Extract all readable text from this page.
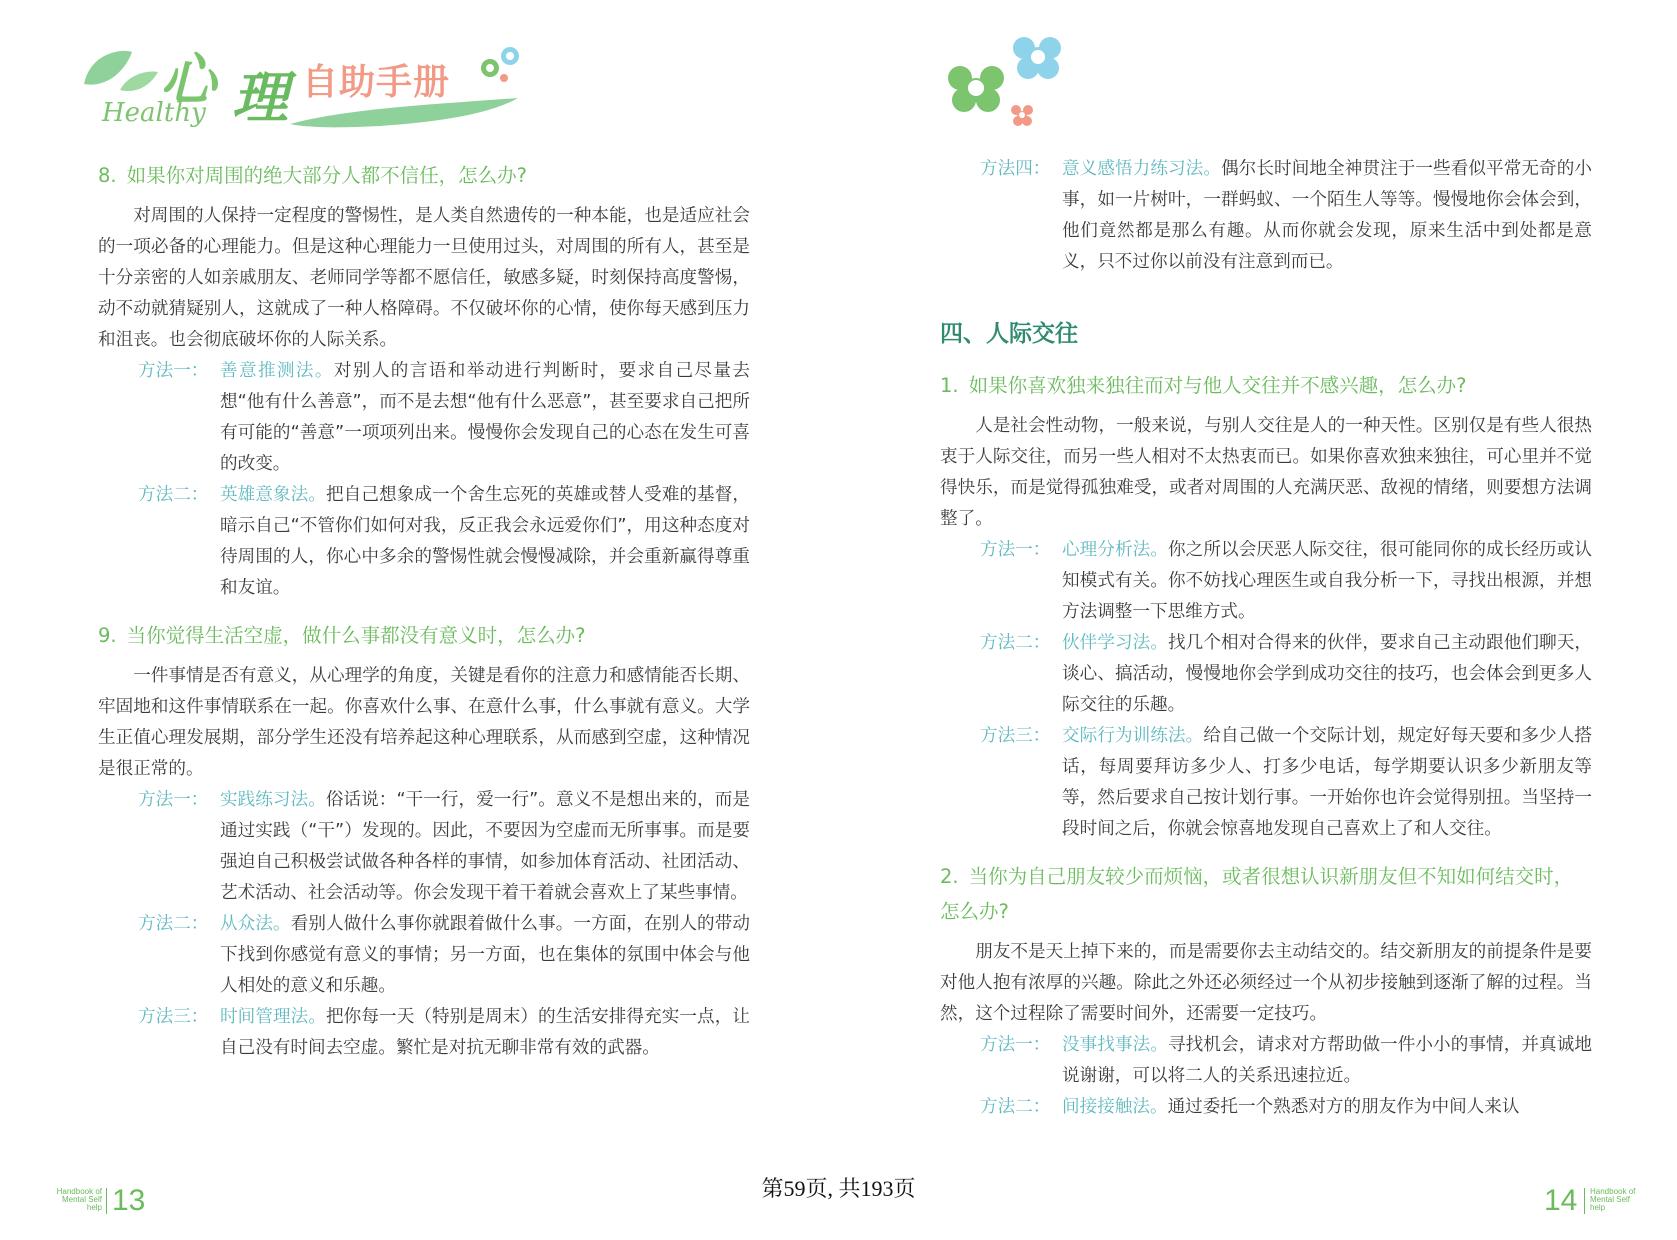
心 理 自助手册
Healthy
8. 如果你对周围的绝大部分人都不信任，怎么办?

对周围的人保持一定程度的警惕性，是人类自然遗传的一种本能，也是适应社会的一项必备的心理能力。但是这种心理能力一旦使用过头，对周围的所有人，甚至是十分亲密的人如亲戚朋友、老师同学等都不愿信任，敏感多疑，时刻保持高度警惕，动不动就猜疑别人，这就成了一种人格障碍。不仅破坏你的心情，使你每天感到压力和沮丧。也会彻底破坏你的人际关系。

方法一： 善意推测法。对别人的言语和举动进行判断时，要求自己尽量去想“他有什么善意”，而不是去想“他有什么恶意”，甚至要求自己把所有可能的“善意”一项项列出来。慢慢你会发现自己的心态在发生可喜的改变。
方法二： 英雄意象法。把自己想象成一个舍生忘死的英雄或替人受难的基督，暗示自己“不管你们如何对我，反正我会永远爱你们”，用这种态度对待周围的人，你心中多余的警惕性就会慢慢减除，并会重新赢得尊重和友谊。
9. 当你觉得生活空虚，做什么事都没有意义时，怎么办?

一件事情是否有意义，从心理学的角度，关键是看你的注意力和感情能否长期、牢固地和这件事情联系在一起。你喜欢什么事、在意什么事，什么事就有意义。大学生正值心理发展期，部分学生还没有培养起这种心理联系，从而感到空虚，这种情况是很正常的。

方法一： 实践练习法。俗话说：“干一行，爱一行”。意义不是想出来的，而是通过实践（“干”）发现的。因此，不要因为空虚而无所事事。而是要强迫自己积极尝试做各种各样的事情，如参加体育活动、社团活动、艺术活动、社会活动等。你会发现干着干着就会喜欢上了某些事情。
方法二： 从众法。看别人做什么事你就跟着做什么事。一方面，在别人的带动下找到你感觉有意义的事情；另一方面，也在集体的氛围中体会与他人相处的意义和乐趣。
方法三： 时间管理法。把你每一天（特别是周末）的生活安排得充实一点，让自己没有时间去空虚。繁忙是对抗无聊非常有效的武器。
Handbook of
Mental Self
help 13
方法四： 意义感悟力练习法。偶尔长时间地全神贯注于一些看似平常无奇的小事，如一片树叶，一群蚂蚁、一个陌生人等等。慢慢地你会体会到，他们竟然都是那么有趣。从而你就会发现，原来生活中到处都是意义，只不过你以前没有注意到而已。
四、人际交往
1. 如果你喜欢独来独往而对与他人交往并不感兴趣，怎么办?

人是社会性动物，一般来说，与别人交往是人的一种天性。区别仅是有些人很热衷于人际交往，而另一些人相对不太热衷而已。如果你喜欢独来独往，可心里并不觉得快乐，而是觉得孤独难受，或者对周围的人充满厌恶、敌视的情绪，则要想方法调整了。

方法一： 心理分析法。你之所以会厌恶人际交往，很可能同你的成长经历或认知模式有关。你不妨找心理医生或自我分析一下，寻找出根源，并想方法调整一下思维方式。
方法二： 伙伴学习法。找几个相对合得来的伙伴，要求自己主动跟他们聊天，谈心、搞活动，慢慢地你会学到成功交往的技巧，也会体会到更多人际交往的乐趣。
方法三： 交际行为训练法。给自己做一个交际计划，规定好每天要和多少人搭话，每周要拜访多少人、打多少电话，每学期要认识多少新朋友等等，然后要求自己按计划行事。一开始你也许会觉得别扭。当坚持一段时间之后，你就会惊喜地发现自己喜欢上了和人交往。
2. 当你为自己朋友较少而烦恼，或者很想认识新朋友但不知如何结交时，怎么办?

朋友不是天上掉下来的，而是需要你去主动结交的。结交新朋友的前提条件是要对他人抱有浓厚的兴趣。除此之外还必须经过一个从初步接触到逐渐了解的过程。当然，这个过程除了需要时间外，还需要一定技巧。

方法一： 没事找事法。寻找机会，请求对方帮助做一件小小的事情，并真诚地说谢谢，可以将二人的关系迅速拉近。
方法二： 间接接触法。通过委托一个熟悉对方的朋友作为中间人来认
14 Handbook of
Mental Self
help
第59页, 共193页
